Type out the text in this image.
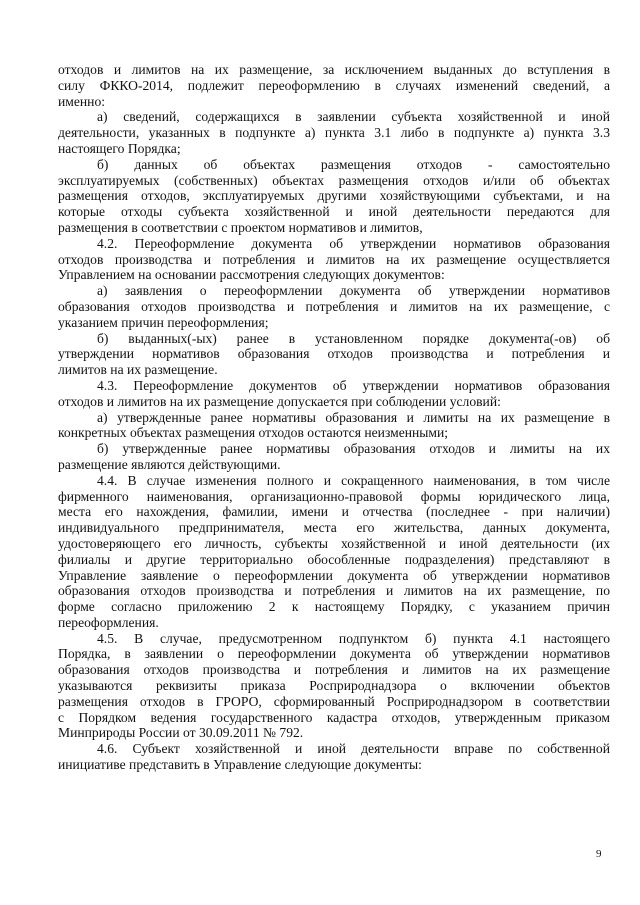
отходов и лимитов на их размещение, за исключением выданных до вступления в
силу ФККО-2014, подлежит переоформлению в случаях изменений сведений, а
именно:
а) сведений, содержащихся в заявлении субъекта хозяйственной и иной
деятельности, указанных в подпункте а) пункта 3.1 либо в подпункте а) пункта 3.3
настоящего Порядка;
б) данных об объектах размещения отходов - самостоятельно
эксплуатируемых (собственных) объектах размещения отходов и/или об объектах
размещения отходов, эксплуатируемых другими хозяйствующими субъектами, и на
которые отходы субъекта хозяйственной и иной деятельности передаются для
размещения в соответствии с проектом нормативов и лимитов,
4.2. Переоформление документа об утверждении нормативов образования
отходов производства и потребления и лимитов на их размещение осуществляется
Управлением на основании рассмотрения следующих документов:
а) заявления о переоформлении документа об утверждении нормативов
образования отходов производства и потребления и лимитов на их размещение, с
указанием причин переоформления;
б) выданных(-ых) ранее в установленном порядке документа(-ов) об
утверждении нормативов образования отходов производства и потребления и
лимитов на их размещение.
4.3. Переоформление документов об утверждении нормативов образования
отходов и лимитов на их размещение допускается при соблюдении условий:
а) утвержденные ранее нормативы образования и лимиты на их размещение в
конкретных объектах размещения отходов остаются неизменными;
б) утвержденные ранее нормативы образования отходов и лимиты на их
размещение являются действующими.
4.4. В случае изменения полного и сокращенного наименования, в том числе
фирменного наименования, организационно-правовой формы юридического лица,
места его нахождения, фамилии, имени и отчества (последнее - при наличии)
индивидуального предпринимателя, места его жительства, данных документа,
удостоверяющего его личность, субъекты хозяйственной и иной деятельности (их
филиалы и другие территориально обособленные подразделения) представляют в
Управление заявление о переоформлении документа об утверждении нормативов
образования отходов производства и потребления и лимитов на их размещение, по
форме согласно приложению 2 к настоящему Порядку, с указанием причин
переоформления.
4.5. В случае, предусмотренном подпунктом б) пункта 4.1 настоящего
Порядка, в заявлении о переоформлении документа об утверждении нормативов
образования отходов производства и потребления и лимитов на их размещение
указываются реквизиты приказа Росприроднадзора о включении объектов
размещения отходов в ГРОРО, сформированный Росприроднадзором в соответствии
с Порядком ведения государственного кадастра отходов, утвержденным приказом
Минприроды России от 30.09.2011 № 792.
4.6. Субъект хозяйственной и иной деятельности вправе по собственной
инициативе представить в Управление следующие документы:
9
